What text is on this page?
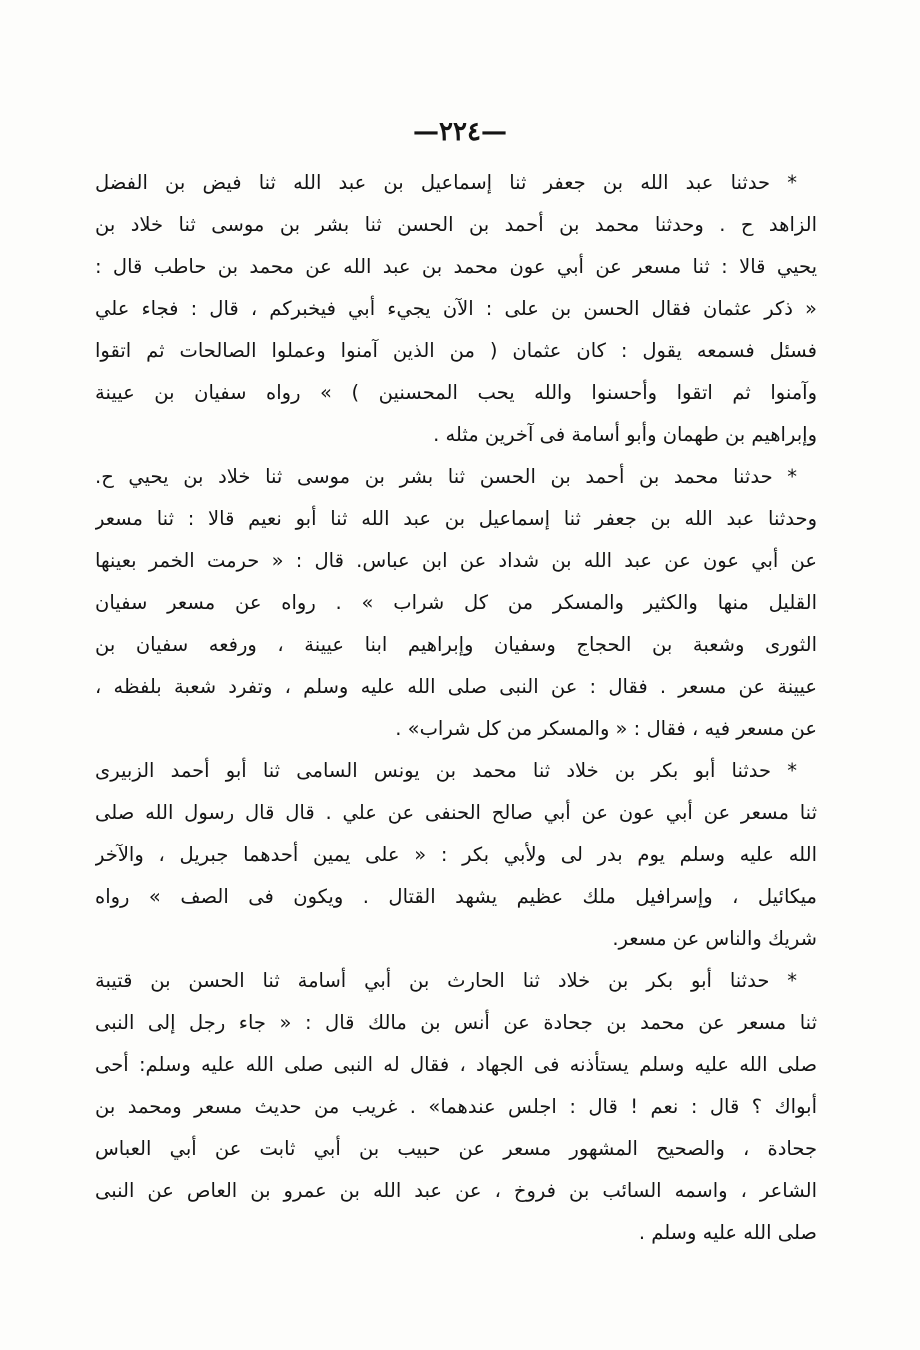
—٢٢٤—
* حدثنا عبد الله بن جعفر ثنا إسماعيل بن عبد الله ثنا فيض بن الفضل
الزاهد ح . وحدثنا محمد بن أحمد بن الحسن ثنا بشر بن موسى ثنا خلاد بن
يحيي قالا : ثنا مسعر عن أبي عون محمد بن عبد الله عن محمد بن حاطب قال :
« ذكر عثمان فقال الحسن بن على : الآن يجيء أبي فيخبركم ، قال : فجاء علي
فسئل فسمعه يقول : كان عثمان ( من الذين آمنوا وعملوا الصالحات ثم اتقوا
وآمنوا ثم اتقوا وأحسنوا والله يحب المحسنين ) » رواه سفيان بن عيينة
وإبراهيم بن طهمان وأبو أسامة فى آخرين مثله .
* حدثنا محمد بن أحمد بن الحسن ثنا بشر بن موسى ثنا خلاد بن يحيي ح.
وحدثنا عبد الله بن جعفر ثنا إسماعيل بن عبد الله ثنا أبو نعيم قالا : ثنا مسعر
عن أبي عون عن عبد الله بن شداد عن ابن عباس. قال : « حرمت الخمر بعينها
القليل منها والكثير والمسكر من كل شراب » . رواه عن مسعر سفيان
الثورى وشعبة بن الحجاج وسفيان وإبراهيم ابنا عيينة ، ورفعه سفيان بن
عيينة عن مسعر . فقال : عن النبى صلى الله عليه وسلم ، وتفرد شعبة بلفظه ،
عن مسعر فيه ، فقال : « والمسكر من كل شراب» .
* حدثنا أبو بكر بن خلاد ثنا محمد بن يونس السامى ثنا أبو أحمد الزبيرى
ثنا مسعر عن أبي عون عن أبي صالح الحنفى عن علي . قال قال رسول الله صلى
الله عليه وسلم يوم بدر لى ولأبي بكر : « على يمين أحدهما جبريل ، والآخر
ميكائيل ، وإسرافيل ملك عظيم يشهد القتال . ويكون فى الصف » رواه
شريك والناس عن مسعر.
* حدثنا أبو بكر بن خلاد ثنا الحارث بن أبي أسامة ثنا الحسن بن قتيبة
ثنا مسعر عن محمد بن جحادة عن أنس بن مالك قال : « جاء رجل إلى النبى
صلى الله عليه وسلم يستأذنه فى الجهاد ، فقال له النبى صلى الله عليه وسلم: أحى
أبواك ؟ قال : نعم ! قال : اجلس عندهما» . غريب من حديث مسعر ومحمد بن
جحادة ، والصحيح المشهور مسعر عن حبيب بن أبي ثابت عن أبي العباس
الشاعر ، واسمه السائب بن فروخ ، عن عبد الله بن عمرو بن العاص عن النبى
صلى الله عليه وسلم .
